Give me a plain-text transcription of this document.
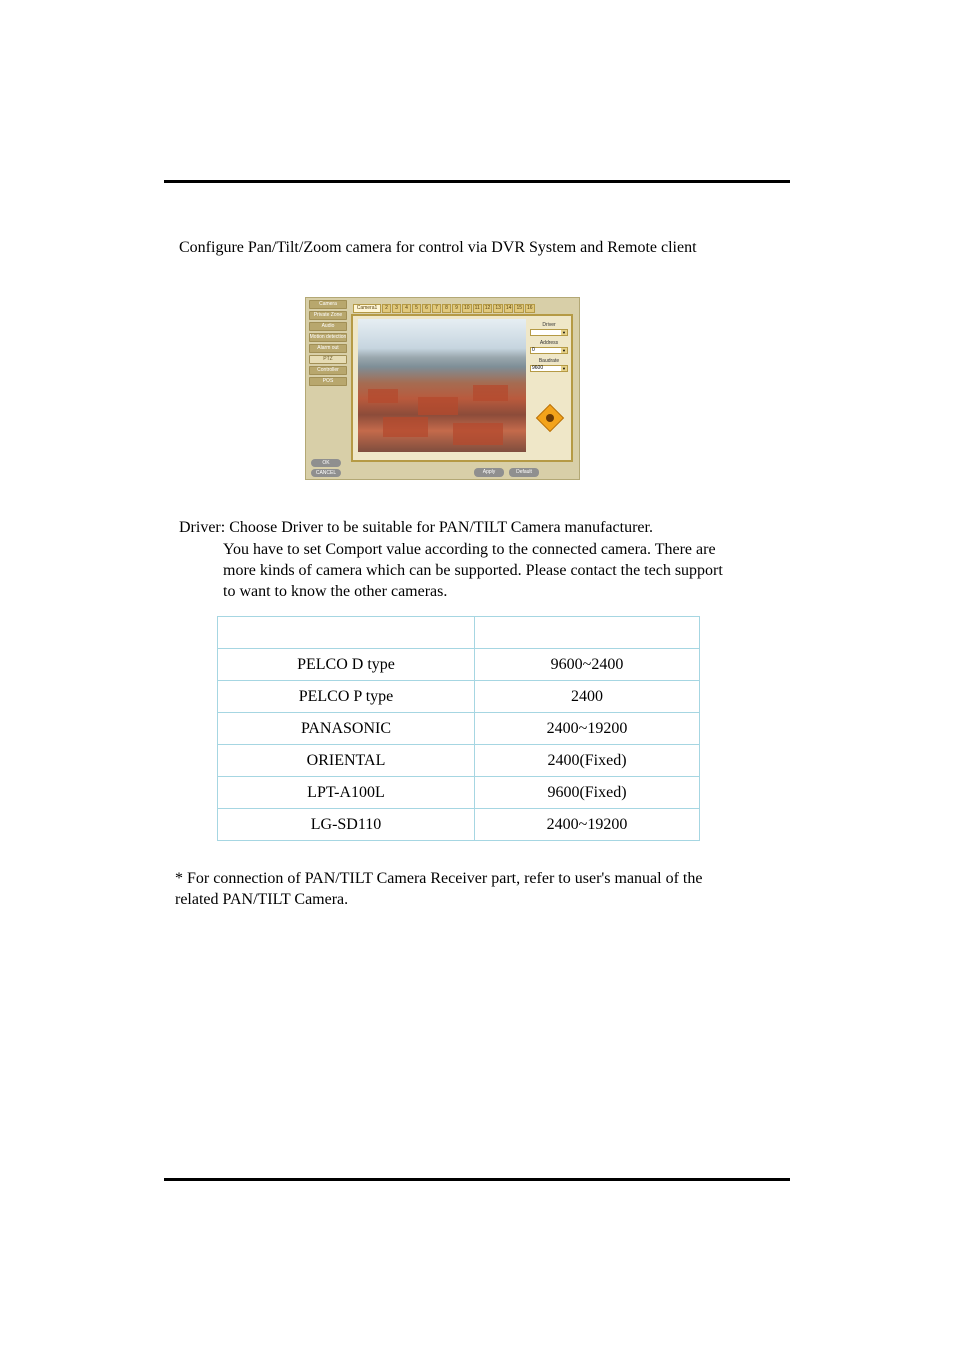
Configure Pan/Tilt/Zoom camera for control via DVR System and Remote client
Camera
Private Zone
Audio
Motion detection
Alarm out
PTZ
Controller
POS
OK
CANCEL
Camera1	2	3	4	5	6	7	8	9	10	11	12	13	14	15	16
Driver
▼
Address
0	▼
Baudrate
9600	▼
Apply	Default
Driver: Choose Driver to be suitable for PAN/TILT Camera manufacturer.
You have to set Comport value according to the connected camera. There are
more kinds of camera which can be supported. Please contact the tech support
to want to know the other cameras.

PELCO D type	9600~2400
PELCO P type	2400
PANASONIC	2400~19200
ORIENTAL	2400(Fixed)
LPT-A100L	9600(Fixed)
LG-SD110	2400~19200
* For connection of PAN/TILT Camera Receiver part, refer to user's manual of the
related PAN/TILT Camera.
